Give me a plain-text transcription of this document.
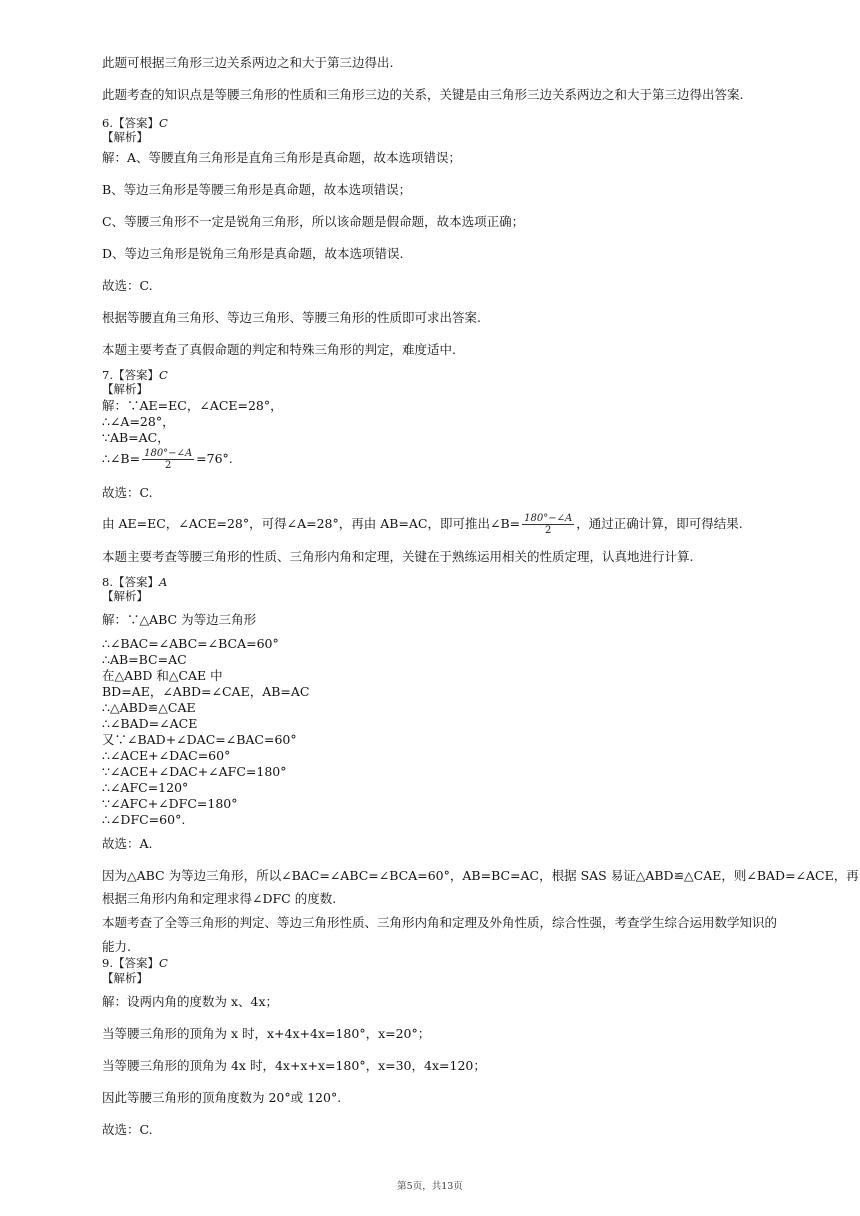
此题可根据三角形三边关系两边之和大于第三边得出.
此题考查的知识点是等腰三角形的性质和三角形三边的关系，关键是由三角形三边关系两边之和大于第三边得出答案.
6.【答案】C
【解析】
解：A、等腰直角三角形是直角三角形是真命题，故本选项错误；
B、等边三角形是等腰三角形是真命题，故本选项错误；
C、等腰三角形不一定是锐角三角形，所以该命题是假命题，故本选项正确；
D、等边三角形是锐角三角形是真命题，故本选项错误.
故选：C.
根据等腰直角三角形、等边三角形、等腰三角形的性质即可求出答案.
本题主要考查了真假命题的判定和特殊三角形的判定，难度适中.
7.【答案】C
【解析】
解：∵AE=EC，∠ACE=28°，
∴∠A=28°，
∵AB=AC，
∴∠B= $\frac{180^\circ-\angle A}{2} =76^\circ$.
故选：C.
由 AE=EC，∠ACE=28°，可得∠A=28°，再由 AB=AC，即可推出∠B= $\frac{180^\circ-\angle A}{2}$ ，通过正确计算，即可得结果.
本题主要考查等腰三角形的性质、三角形内角和定理，关键在于熟练运用相关的性质定理，认真地进行计算.
8.【答案】A
【解析】
解：∵△ABC 为等边三角形
∴∠BAC=∠ABC=∠BCA=60°
∴AB=BC=AC
在△ABD 和△CAE 中
BD=AE，∠ABD=∠CAE，AB=AC
∴△ABD≌△CAE
∴∠BAD=∠ACE
又∵∠BAD+∠DAC=∠BAC=60°
∴∠ACE+∠DAC=60°
∵∠ACE+∠DAC+∠AFC=180°
∴∠AFC=120°
∵∠AFC+∠DFC=180°
∴∠DFC=60°.
故选：A.
因为△ABC 为等边三角形，所以∠BAC=∠ABC=∠BCA=60°，AB=BC=AC，根据 SAS 易证△ABD≌△CAE，则∠BAD=∠ACE，再
根据三角形内角和定理求得∠DFC 的度数.
本题考查了全等三角形的判定、等边三角形性质、三角形内角和定理及外角性质，综合性强，考查学生综合运用数学知识的
能力.
9.【答案】C
【解析】
解：设两内角的度数为 x、4x；
当等腰三角形的顶角为 x 时，x+4x+4x=180°，x=20°；
当等腰三角形的顶角为 4x 时，4x+x+x=180°，x=30，4x=120；
因此等腰三角形的顶角度数为 20°或 120°.
故选：C.
第5页，共13页
